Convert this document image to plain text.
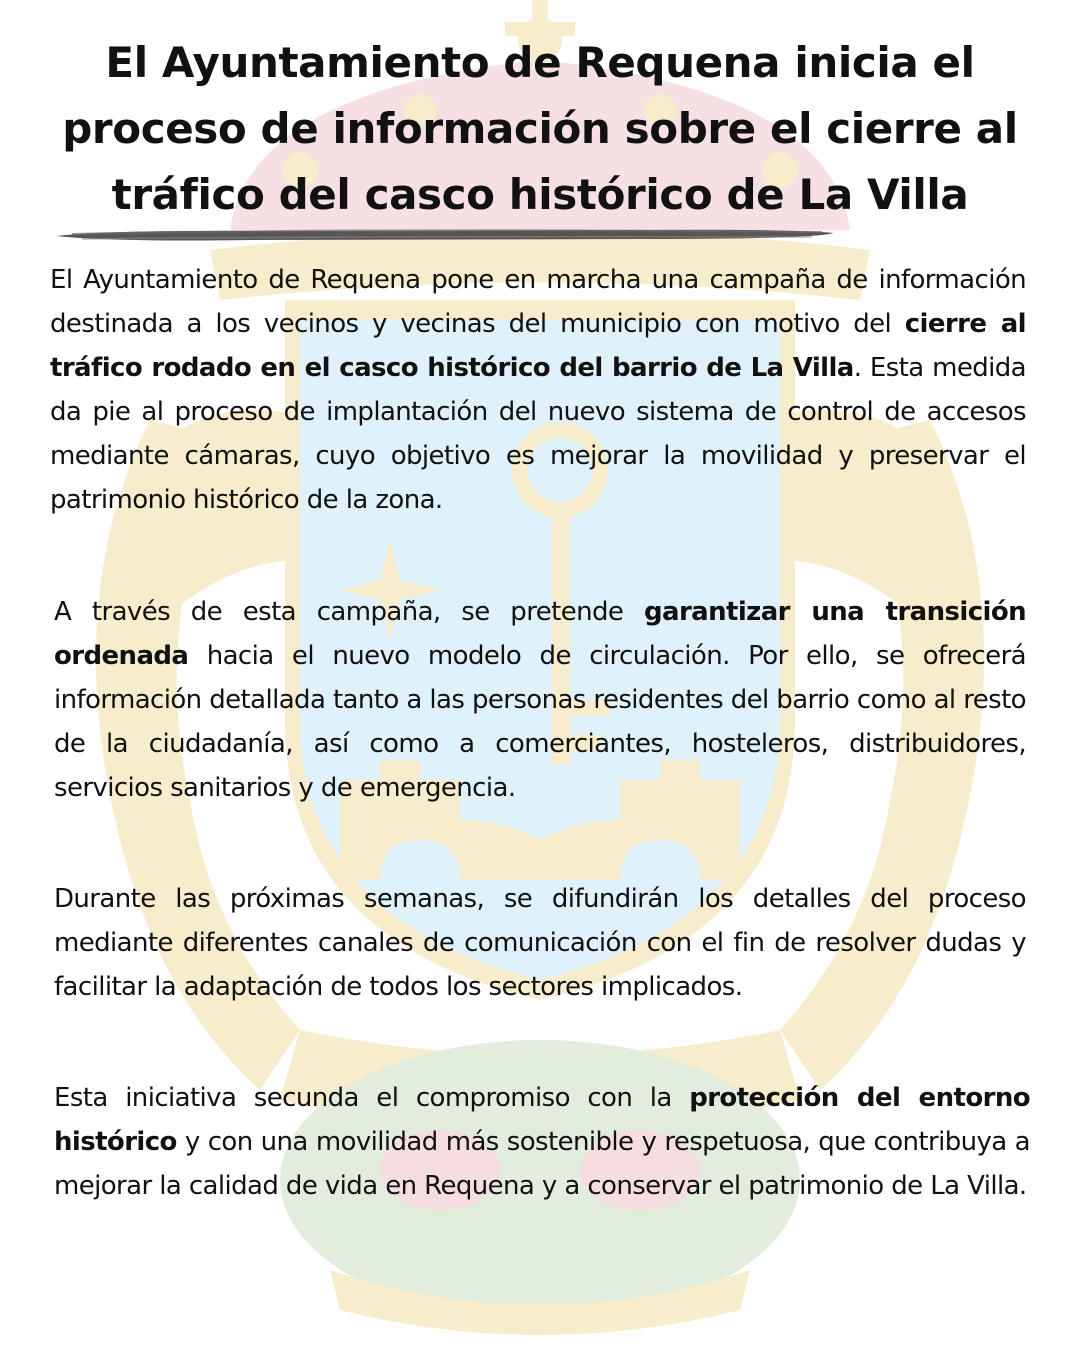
El Ayuntamiento de Requena inicia el
proceso de información sobre el cierre al
tráfico del casco histórico de La Villa

El Ayuntamiento de Requena pone en marcha una campaña de información destinada a los vecinos y vecinas del municipio con motivo del cierre al tráfico rodado en el casco histórico del barrio de La Villa. Esta medida da pie al proceso de implantación del nuevo sistema de control de accesos mediante cámaras, cuyo objetivo es mejorar la movilidad y preservar el patrimonio histórico de la zona.

A través de esta campaña, se pretende garantizar una transición ordenada hacia el nuevo modelo de circulación. Por ello, se ofrecerá información detallada tanto a las personas residentes del barrio como al resto de la ciudadanía, así como a comerciantes, hosteleros, distribuidores, servicios sanitarios y de emergencia.

Durante las próximas semanas, se difundirán los detalles del proceso mediante diferentes canales de comunicación con el fin de resolver dudas y facilitar la adaptación de todos los sectores implicados.

Esta iniciativa secunda el compromiso con la protección del entorno histórico y con una movilidad más sostenible y respetuosa, que contribuya a mejorar la calidad de vida en Requena y a conservar el patrimonio de La Villa.
